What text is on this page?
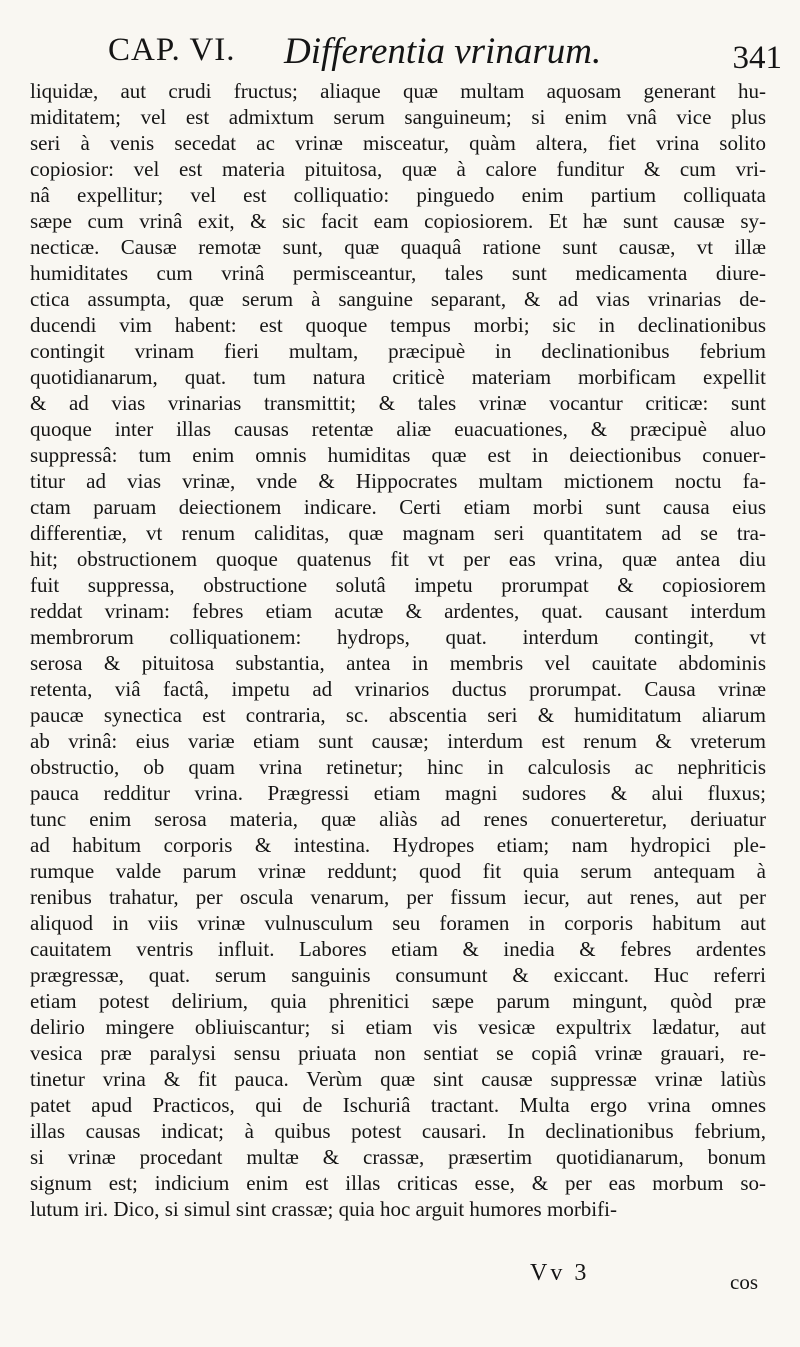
CAP. VI. Differentia vrinarum.	341
liquidæ, aut crudi fructus; aliaque quæ multam aquosam generant hu-
miditatem; vel est admixtum serum sanguineum; si enim vnâ vice plus
seri à venis secedat ac vrinæ misceatur, quàm altera, fiet vrina solito
copiosior: vel est materia pituitosa, quæ à calore funditur & cum vri-
nâ expellitur; vel est colliquatio: pinguedo enim partium colliquata
sæpe cum vrinâ exit, & sic facit eam copiosiorem. Et hæ sunt causæ sy-
necticæ. Causæ remotæ sunt, quæ quaquâ ratione sunt causæ, vt illæ
humiditates cum vrinâ permisceantur, tales sunt medicamenta diure-
ctica assumpta, quæ serum à sanguine separant, & ad vias vrinarias de-
ducendi vim habent: est quoque tempus morbi; sic in declinationibus
contingit vrinam fieri multam, præcipuè in declinationibus febrium
quotidianarum, quat. tum natura criticè materiam morbificam expellit
& ad vias vrinarias transmittit; & tales vrinæ vocantur criticæ: sunt
quoque inter illas causas retentæ aliæ euacuationes, & præcipuè aluo
suppressâ: tum enim omnis humiditas quæ est in deiectionibus conuer-
titur ad vias vrinæ, vnde & Hippocrates multam mictionem noctu fa-
ctam paruam deiectionem indicare. Certi etiam morbi sunt causa eius
differentiæ, vt renum caliditas, quæ magnam seri quantitatem ad se tra-
hit; obstructionem quoque quatenus fit vt per eas vrina, quæ antea diu
fuit suppressa, obstructione solutâ impetu prorumpat & copiosiorem
reddat vrinam: febres etiam acutæ & ardentes, quat. causant interdum
membrorum colliquationem: hydrops, quat. interdum contingit, vt
serosa & pituitosa substantia, antea in membris vel cauitate abdominis
retenta, viâ factâ, impetu ad vrinarios ductus prorumpat. Causa vrinæ
paucæ synectica est contraria, sc. abscentia seri & humiditatum aliarum
ab vrinâ: eius variæ etiam sunt causæ; interdum est renum & vreterum
obstructio, ob quam vrina retinetur; hinc in calculosis ac nephriticis
pauca redditur vrina. Prægressi etiam magni sudores & alui fluxus;
tunc enim serosa materia, quæ aliàs ad renes conuerteretur, deriuatur
ad habitum corporis & intestina. Hydropes etiam; nam hydropici ple-
rumque valde parum vrinæ reddunt; quod fit quia serum antequam à
renibus trahatur, per oscula venarum, per fissum iecur, aut renes, aut per
aliquod in viis vrinæ vulnusculum seu foramen in corporis habitum aut
cauitatem ventris influit. Labores etiam & inedia & febres ardentes
prægressæ, quat. serum sanguinis consumunt & exiccant. Huc referri
etiam potest delirium, quia phrenitici sæpe parum mingunt, quòd præ
delirio mingere obliuiscantur; si etiam vis vesicæ expultrix lædatur, aut
vesica præ paralysi sensu priuata non sentiat se copiâ vrinæ grauari, re-
tinetur vrina & fit pauca. Verùm quæ sint causæ suppressæ vrinæ latiùs
patet apud Practicos, qui de Ischuriâ tractant. Multa ergo vrina omnes
illas causas indicat; à quibus potest causari. In declinationibus febrium,
si vrinæ procedant multæ & crassæ, præsertim quotidianarum, bonum
signum est; indicium enim est illas criticas esse, & per eas morbum so-
lutum iri. Dico, si simul sint crassæ; quia hoc arguit humores morbifi-
Vv 3	cos
